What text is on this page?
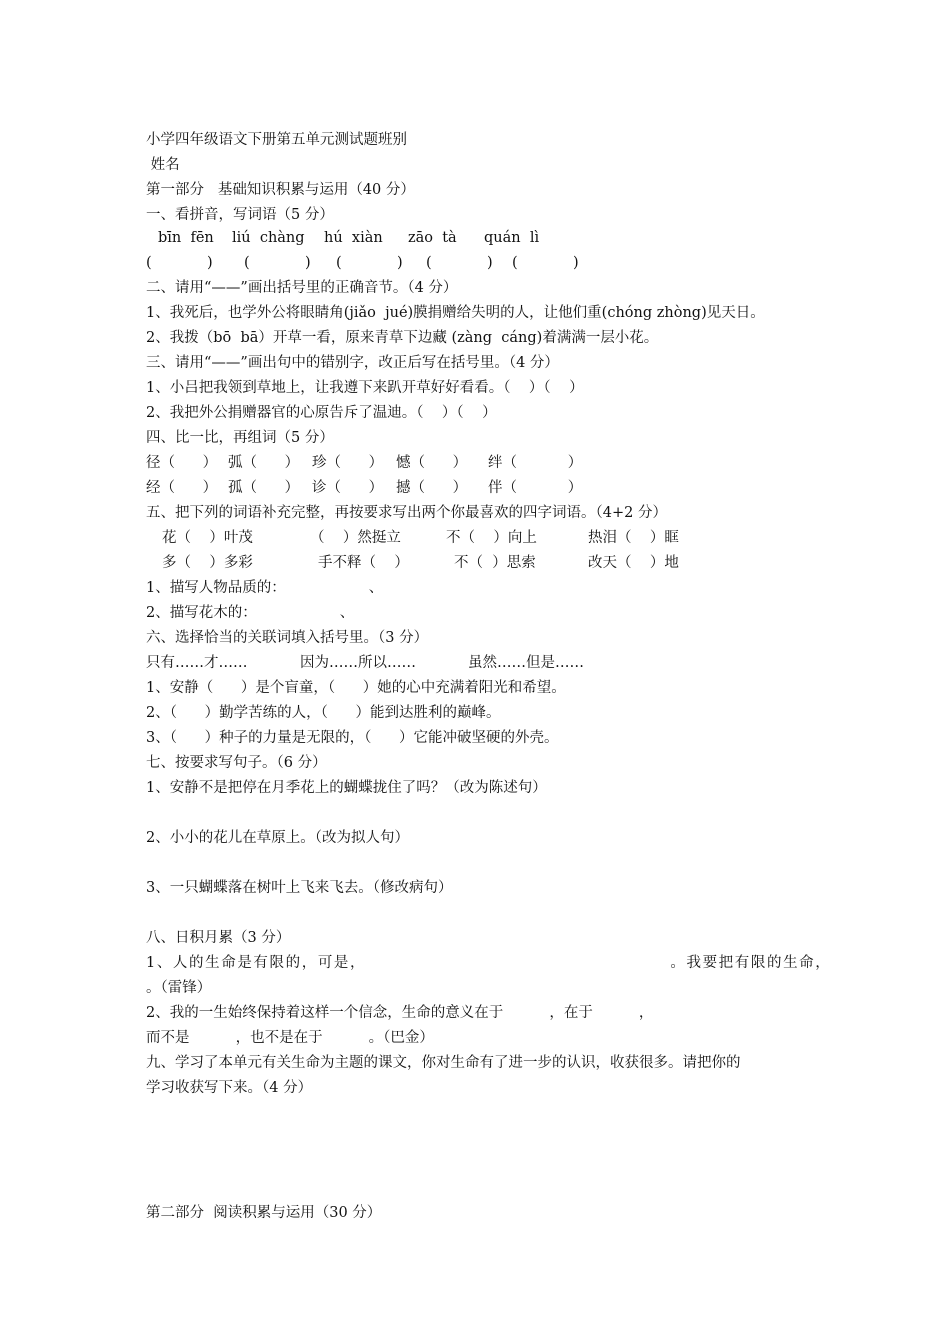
小学四年级语文下册第五单元测试题班别
姓名
第一部分   基础知识积累与运用（40 分）
一、看拼音，写词语（5 分）
bīn  fēn liú  chàng hú  xiàn zāo  tà quán  lì
(            ) (            ) (            ) (            ) (            )
二、请用“——”画出括号里的正确音节。（4 分）
1、我死后，也学外公将眼睛角(jiǎo  jué)膜捐赠给失明的人，让他们重(chóng zhòng)见天日。
2、我拨（bō  bā）开草一看，原来青草下边藏 (zàng  cáng)着满满一层小花。
三、请用“——”画出句中的错别字，改正后写在括号里。（4 分）
1、小吕把我领到草地上，让我遵下来趴开草好好看看。（    ）（    ）
2、我把外公捐赠器官的心原告斥了温迪。（    ）（    ）
四、比一比，再组词（5 分）
径（      ） 弧（      ） 珍（      ） 憾（      ） 绊（           ）
经（      ） 孤（      ） 诊（      ） 撼（      ） 伴（           ）
五、把下列的词语补充完整，再按要求写出两个你最喜欢的四字词语。（4+2 分）
花（    ）叶茂	（    ）然挺立	不（    ）向上	热泪（    ）眶
多（    ）多彩	手不释（    ）	不（  ）思索	改天（    ）地
1、描写人物品质的：                  、
2、描写花木的：                  、
六、选择恰当的关联词填入括号里。（3 分）
只有……才……	因为……所以……	虽然……但是……
1、安静（      ）是个盲童，（      ）她的心中充满着阳光和希望。
2、（      ）勤学苦练的人，（      ）能到达胜利的巅峰。
3、（      ）种子的力量是无限的，（      ）它能冲破坚硬的外壳。
七、按要求写句子。（6 分）
1、安静不是把停在月季花上的蝴蝶拢住了吗？（改为陈述句）
2、小小的花儿在草原上。（改为拟人句）
3、一只蝴蝶落在树叶上飞来飞去。（修改病句）
八、日积月累（3 分）
1、人的生命是有限的，可是，                                                 。我要把有限的生命，
。（雷锋）
2、我的一生始终保持着这样一个信念，生命的意义在于          ，在于          ，
而不是          ，也不是在于          。（巴金）
九、学习了本单元有关生命为主题的课文，你对生命有了进一步的认识，收获很多。请把你的
学习收获写下来。（4 分）
第二部分  阅读积累与运用（30 分）
